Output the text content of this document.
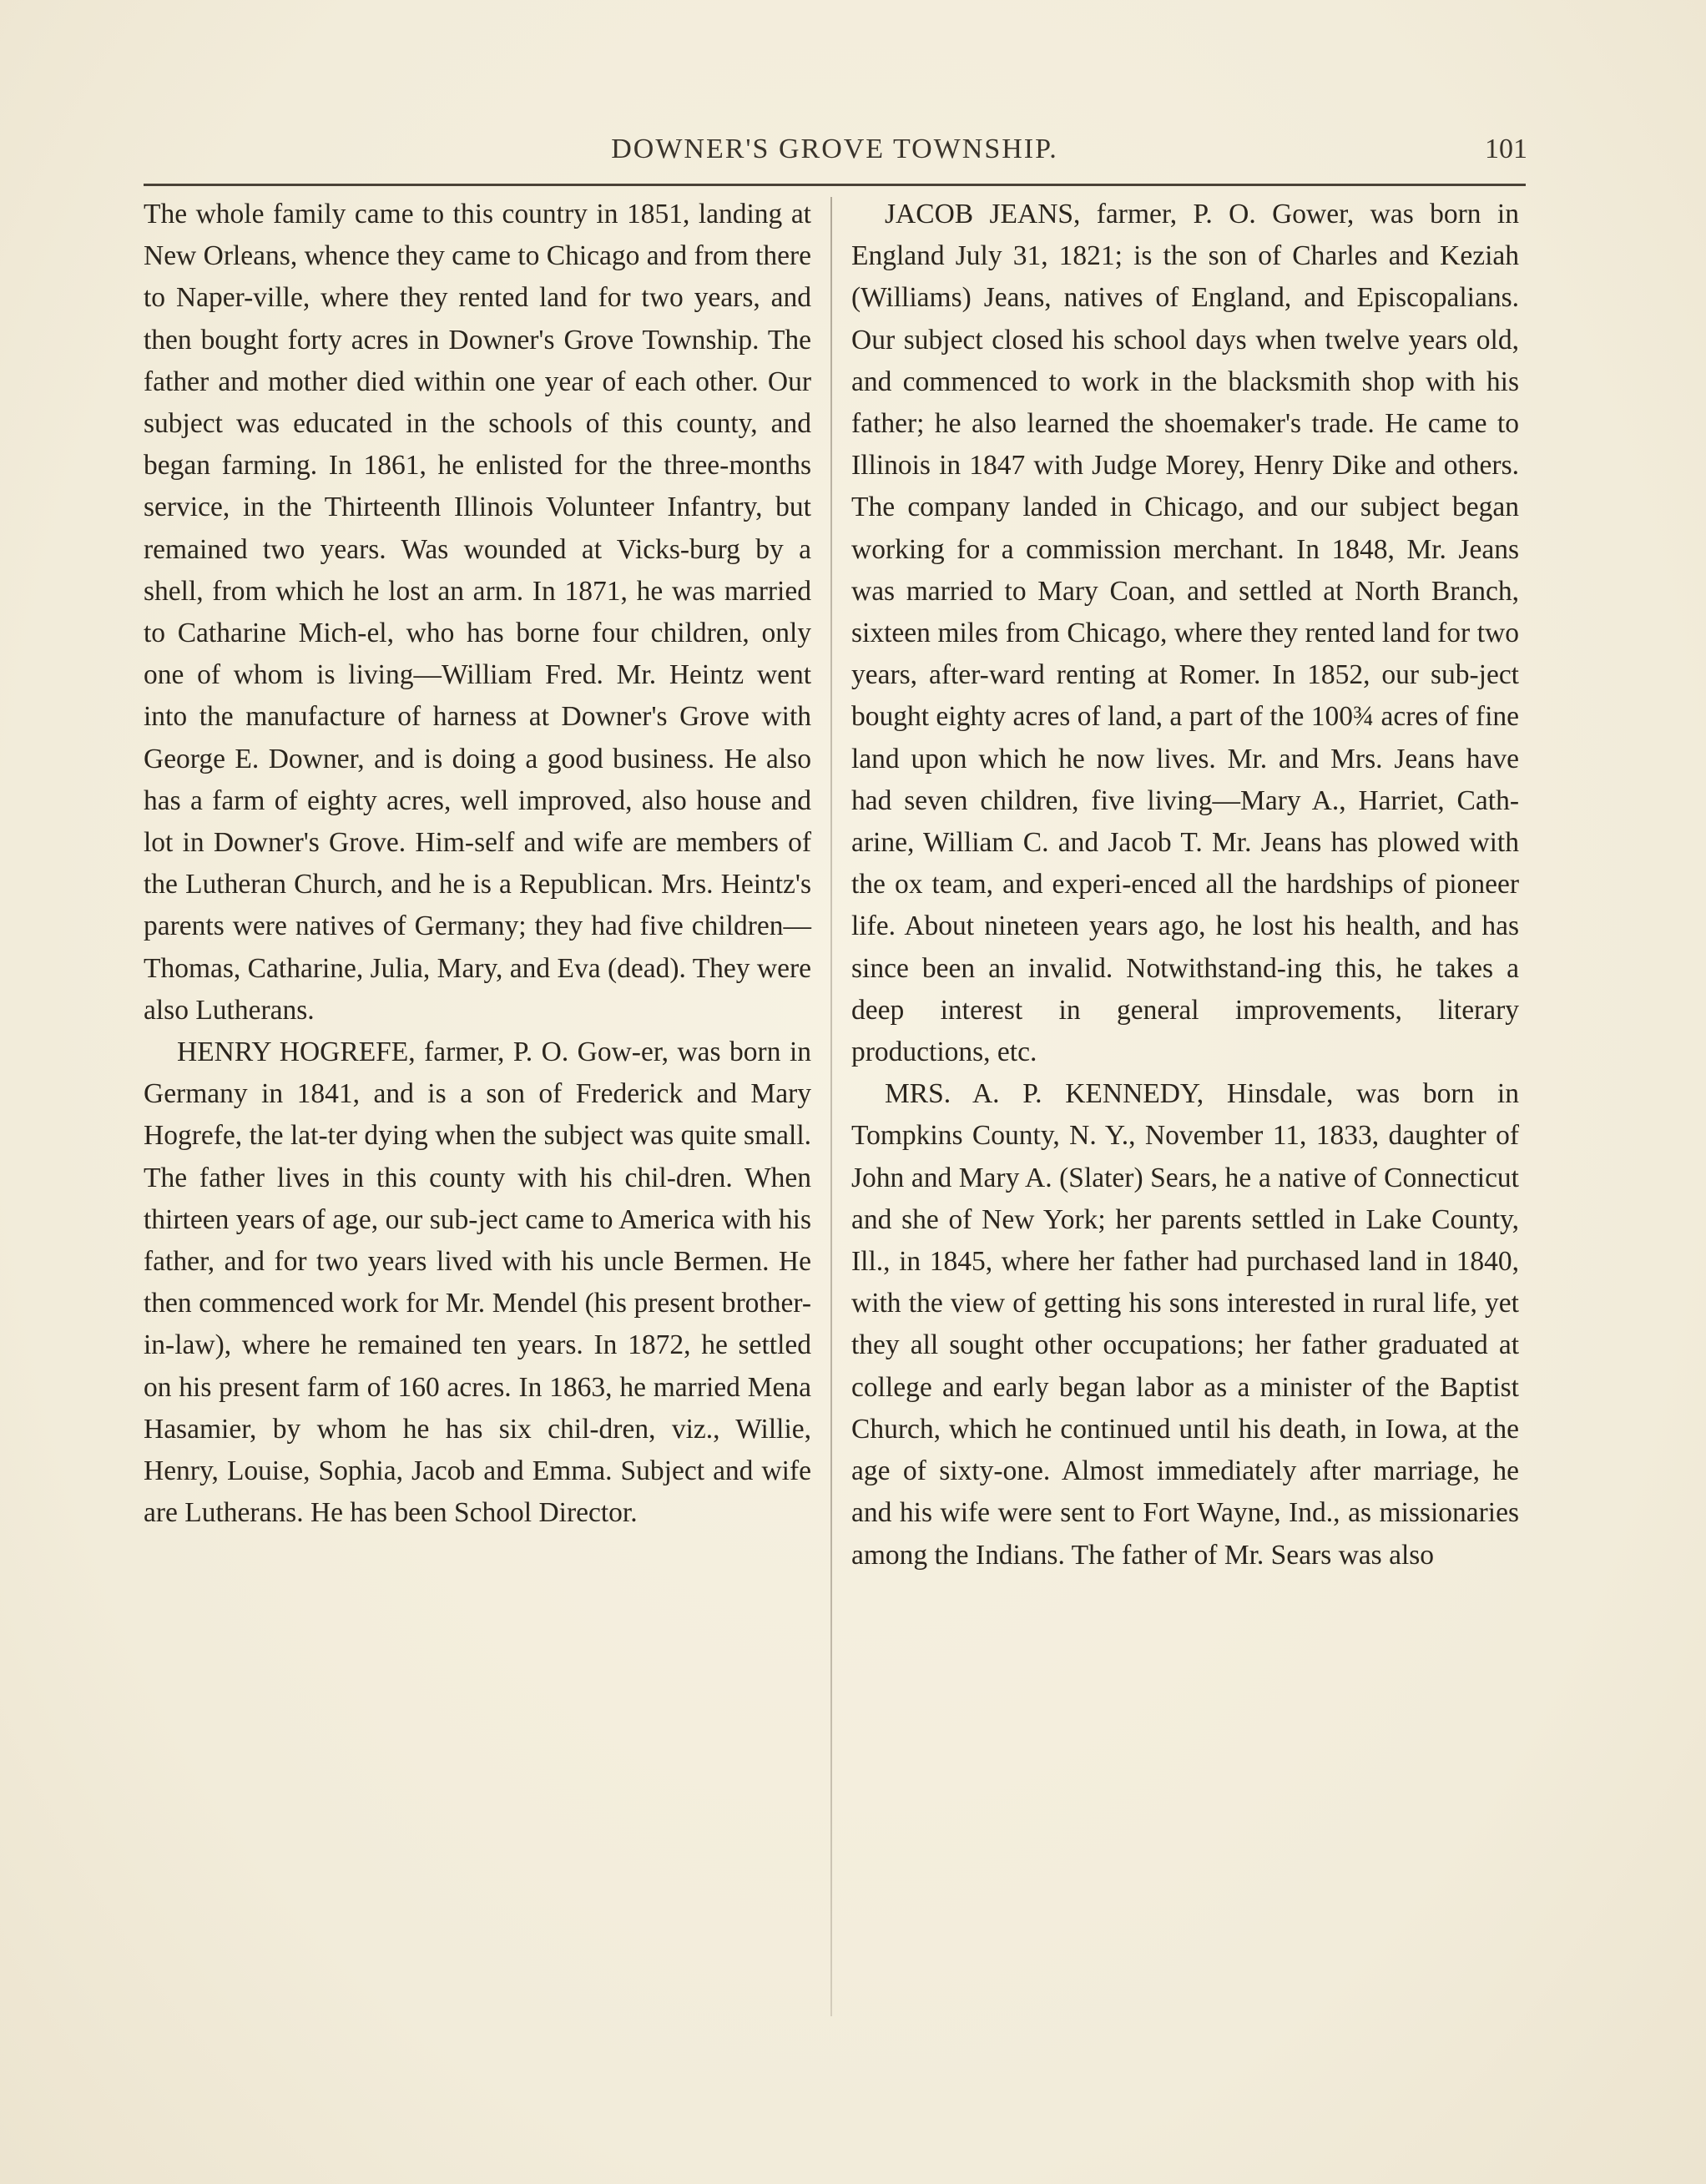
DOWNER'S GROVE TOWNSHIP.	101

The whole family came to this country in 1851, landing at New Orleans, whence they came to Chicago and from there to Naper-ville, where they rented land for two years, and then bought forty acres in Downer's Grove Township. The father and mother died within one year of each other. Our subject was educated in the schools of this county, and began farming. In 1861, he enlisted for the three-months service, in the Thirteenth Illinois Volunteer Infantry, but remained two years. Was wounded at Vicks-burg by a shell, from which he lost an arm. In 1871, he was married to Catharine Mich-el, who has borne four children, only one of whom is living—William Fred. Mr. Heintz went into the manufacture of harness at Downer's Grove with George E. Downer, and is doing a good business. He also has a farm of eighty acres, well improved, also house and lot in Downer's Grove. Him-self and wife are members of the Lutheran Church, and he is a Republican. Mrs. Heintz's parents were natives of Germany; they had five children—Thomas, Catharine, Julia, Mary, and Eva (dead). They were also Lutherans.

HENRY HOGREFE, farmer, P. O. Gow-er, was born in Germany in 1841, and is a son of Frederick and Mary Hogrefe, the lat-ter dying when the subject was quite small. The father lives in this county with his chil-dren. When thirteen years of age, our sub-ject came to America with his father, and for two years lived with his uncle Bermen. He then commenced work for Mr. Mendel (his present brother-in-law), where he remained ten years. In 1872, he settled on his present farm of 160 acres. In 1863, he married Mena Hasamier, by whom he has six chil-dren, viz., Willie, Henry, Louise, Sophia, Jacob and Emma. Subject and wife are Lutherans. He has been School Director.

JACOB JEANS, farmer, P. O. Gower, was born in England July 31, 1821; is the son of Charles and Keziah (Williams) Jeans, natives of England, and Episcopalians. Our subject closed his school days when twelve years old, and commenced to work in the blacksmith shop with his father; he also learned the shoemaker's trade. He came to Illinois in 1847 with Judge Morey, Henry Dike and others. The company landed in Chicago, and our subject began working for a commission merchant. In 1848, Mr. Jeans was married to Mary Coan, and settled at North Branch, sixteen miles from Chicago, where they rented land for two years, after-ward renting at Romer. In 1852, our sub-ject bought eighty acres of land, a part of the 100¾ acres of fine land upon which he now lives. Mr. and Mrs. Jeans have had seven children, five living—Mary A., Harriet, Cath-arine, William C. and Jacob T. Mr. Jeans has plowed with the ox team, and experi-enced all the hardships of pioneer life. About nineteen years ago, he lost his health, and has since been an invalid. Notwithstand-ing this, he takes a deep interest in general improvements, literary productions, etc.

MRS. A. P. KENNEDY, Hinsdale, was born in Tompkins County, N. Y., November 11, 1833, daughter of John and Mary A. (Slater) Sears, he a native of Connecticut and she of New York; her parents settled in Lake County, Ill., in 1845, where her father had purchased land in 1840, with the view of getting his sons interested in rural life, yet they all sought other occupations; her father graduated at college and early began labor as a minister of the Baptist Church, which he continued until his death, in Iowa, at the age of sixty-one. Almost immediately after marriage, he and his wife were sent to Fort Wayne, Ind., as missionaries among the Indians. The father of Mr. Sears was also
